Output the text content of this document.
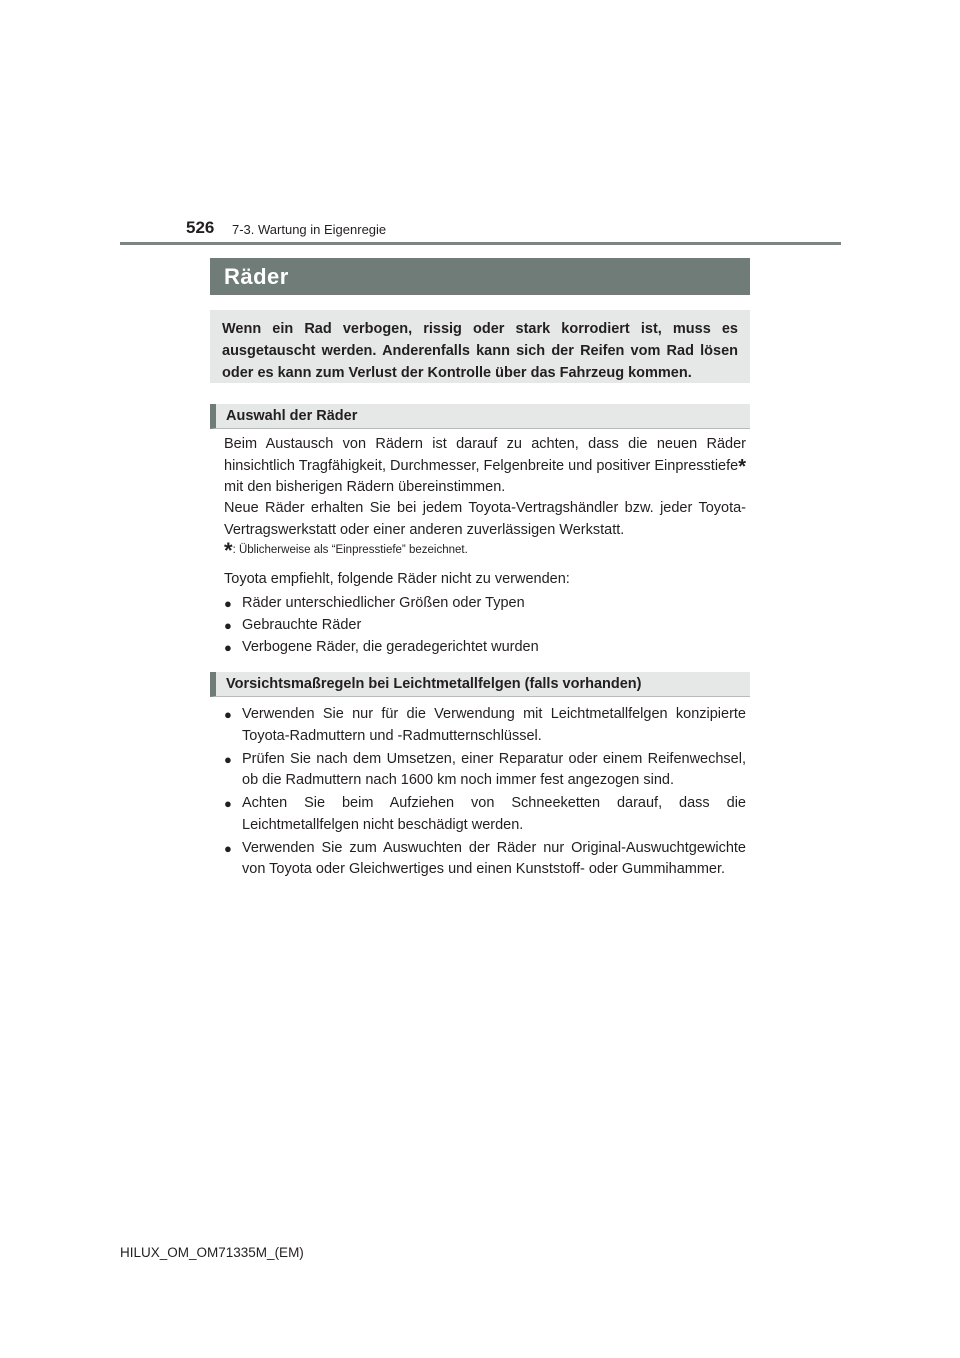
526 7-3. Wartung in Eigenregie
Räder
Wenn ein Rad verbogen, rissig oder stark korrodiert ist, muss es ausgetauscht werden. Anderenfalls kann sich der Reifen vom Rad lösen oder es kann zum Verlust der Kontrolle über das Fahrzeug kommen.
Auswahl der Räder
Beim Austausch von Rädern ist darauf zu achten, dass die neuen Räder hinsichtlich Tragfähigkeit, Durchmesser, Felgenbreite und positiver Einpresstiefe* mit den bisherigen Rädern übereinstimmen.
Neue Räder erhalten Sie bei jedem Toyota-Vertragshändler bzw. jeder Toyota-Vertragswerkstatt oder einer anderen zuverlässigen Werkstatt.
*: Üblicherweise als “Einpresstiefe” bezeichnet.
Toyota empfiehlt, folgende Räder nicht zu verwenden:
● Räder unterschiedlicher Größen oder Typen
● Gebrauchte Räder
● Verbogene Räder, die geradegerichtet wurden
Vorsichtsmaßregeln bei Leichtmetallfelgen (falls vorhanden)
● Verwenden Sie nur für die Verwendung mit Leichtmetallfelgen konzipierte Toyota-Radmuttern und -Radmutternschlüssel.
● Prüfen Sie nach dem Umsetzen, einer Reparatur oder einem Reifenwechsel, ob die Radmuttern nach 1600 km noch immer fest angezogen sind.
● Achten Sie beim Aufziehen von Schneeketten darauf, dass die Leichtmetallfelgen nicht beschädigt werden.
● Verwenden Sie zum Auswuchten der Räder nur Original-Auswuchtgewichte von Toyota oder Gleichwertiges und einen Kunststoff- oder Gummihammer.
HILUX_OM_OM71335M_(EM)
